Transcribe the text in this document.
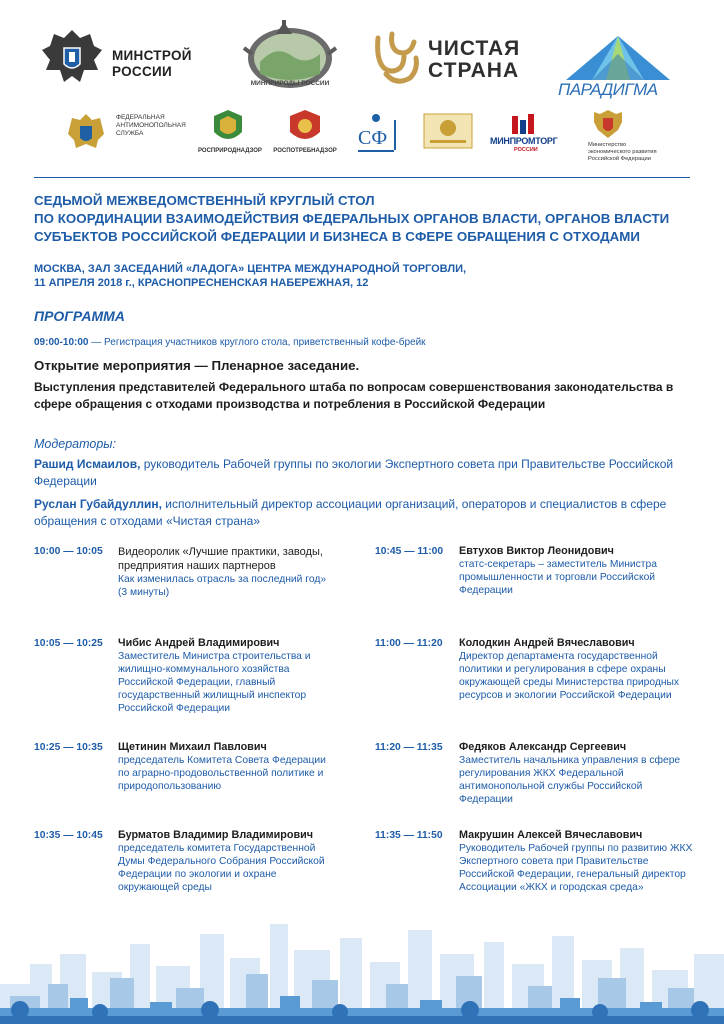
МИНСТРОЙ
РОССИИ
МИНПРИРОДЫ РОССИИ
ЧИСТАЯ
СТРАНА
ПАРАДИГМА
ФЕДЕРАЛЬНАЯ
АНТИМОНОПОЛЬНАЯ
СЛУЖБА
РОСПРИРОДНАДЗОР	РОСПОТРЕБНАДЗОР
СФ	МИНПРОМТОРГ
РОССИИ
Министерство
экономического развития
Российской Федерации
СЕДЬМОЙ МЕЖВЕДОМСТВЕННЫЙ КРУГЛЫЙ СТОЛ
ПО КООРДИНАЦИИ ВЗАИМОДЕЙСТВИЯ ФЕДЕРАЛЬНЫХ ОРГАНОВ ВЛАСТИ, ОРГАНОВ ВЛАСТИ
СУБЪЕКТОВ РОССИЙСКОЙ ФЕДЕРАЦИИ И БИЗНЕСА В СФЕРЕ ОБРАЩЕНИЯ С ОТХОДАМИ
МОСКВА, ЗАЛ ЗАСЕДАНИЙ «ЛАДОГА» ЦЕНТРА МЕЖДУНАРОДНОЙ ТОРГОВЛИ,
11 АПРЕЛЯ 2018 г., КРАСНОПРЕСНЕНСКАЯ НАБЕРЕЖНАЯ, 12
ПРОГРАММА
09:00-10:00 — Регистрация участников круглого стола, приветственный кофе-брейк
Открытие мероприятия — Пленарное заседание.
Выступления представителей Федерального штаба по вопросам совершенствования законодательства в сфере обращения с отходами производства и потребления в Российской Федерации
Модераторы:
Рашид Исмаилов, руководитель Рабочей группы по экологии Экспертного совета при Правительстве Российской Федерации
Руслан Губайдуллин, исполнительный директор ассоциации организаций, операторов и специалистов в сфере обращения с отходами «Чистая страна»
10:00 — 10:05 Видеоролик «Лучшие практики, заводы, предприятия наших партнеров
Как изменилась отрасль за последний год» (3 минуты)
10:05 — 10:25 Чибис Андрей Владимирович
Заместитель Министра строительства и жилищно-коммунального хозяйства Российской Федерации, главный государственный жилищный инспектор Российской Федерации
10:25 — 10:35 Щетинин Михаил Павлович
председатель Комитета Совета Федерации по аграрно-продовольственной политике и природопользованию
10:35 — 10:45 Бурматов Владимир Владимирович
председатель комитета Государственной Думы Федерального Собрания Российской Федерации по экологии и охране окружающей среды
10:45 — 11:00 Евтухов Виктор Леонидович
статс-секретарь – заместитель Министра промышленности и торговли Российской Федерации
11:00 — 11:20 Колодкин Андрей Вячеславович
Директор департамента государственной политики и регулирования в сфере охраны окружающей среды Министерства природных ресурсов и экологии Российской Федерации
11:20 — 11:35 Федяков Александр Сергеевич
Заместитель начальника управления в сфере регулирования ЖКХ Федеральной антимонопольной службы Российской Федерации
11:35 — 11:50 Макрушин Алексей Вячеславович
Руководитель Рабочей группы по развитию ЖКХ Экспертного совета при Правительстве Российской Федерации, генеральный директор Ассоциации «ЖКХ и городская среда»
